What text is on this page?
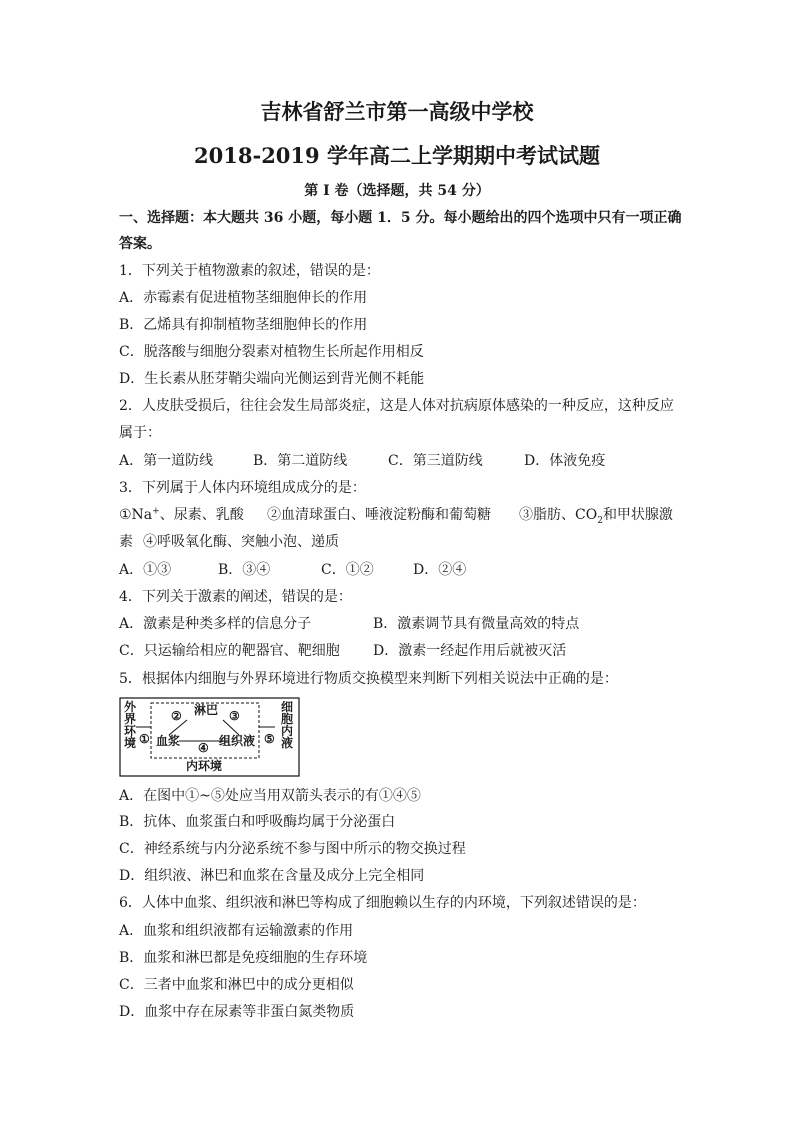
吉林省舒兰市第一高级中学校
2018-2019 学年高二上学期期中考试试题
第 I 卷（选择题，共 54 分）
一、选择题：本大题共 36 小题，每小题 1．5 分。每小题给出的四个选项中只有一项正确
答案。
1．下列关于植物激素的叙述，错误的是：
A．赤霉素有促进植物茎细胞伸长的作用
B．乙烯具有抑制植物茎细胞伸长的作用
C．脱落酸与细胞分裂素对植物生长所起作用相反
D．生长素从胚芽鞘尖端向光侧运到背光侧不耗能
2．人皮肤受损后，往往会发生局部炎症，这是人体对抗病原体感染的一种反应，这种反应
属于：
A．第一道防线	B．第二道防线	C．第三道防线	D．体液免疫
3．下列属于人体内环境组成成分的是：
①Na+、尿素、乳酸 ②血清球蛋白、唾液淀粉酶和葡萄糖 ③脂肪、$CO_2$和甲状腺激
素 ④呼吸氧化酶、突触小泡、递质
A．①③	B．③④	C．①②	D．②④
4．下列关于激素的阐述，错误的是：
A．激素是种类多样的信息分子	B．激素调节具有微量高效的特点
C．只运输给相应的靶器官、靶细胞 D．激素一经起作用后就被灭活
5．根据体内细胞与外界环境进行物质交换模型来判断下列相关说法中正确的是：
外
界
环
境
细
胞
内
液
①
② 淋巴 ③
血浆	组织液
④
⑤
内环境
A．在图中①~⑤处应当用双箭头表示的有①④⑤
B．抗体、血浆蛋白和呼吸酶均属于分泌蛋白
C．神经系统与内分泌系统不参与图中所示的物交换过程
D．组织液、淋巴和血浆在含量及成分上完全相同
6．人体中血浆、组织液和淋巴等构成了细胞赖以生存的内环境，下列叙述错误的是：
A．血浆和组织液都有运输激素的作用
B．血浆和淋巴都是免疫细胞的生存环境
C．三者中血浆和淋巴中的成分更相似
D．血浆中存在尿素等非蛋白氮类物质
